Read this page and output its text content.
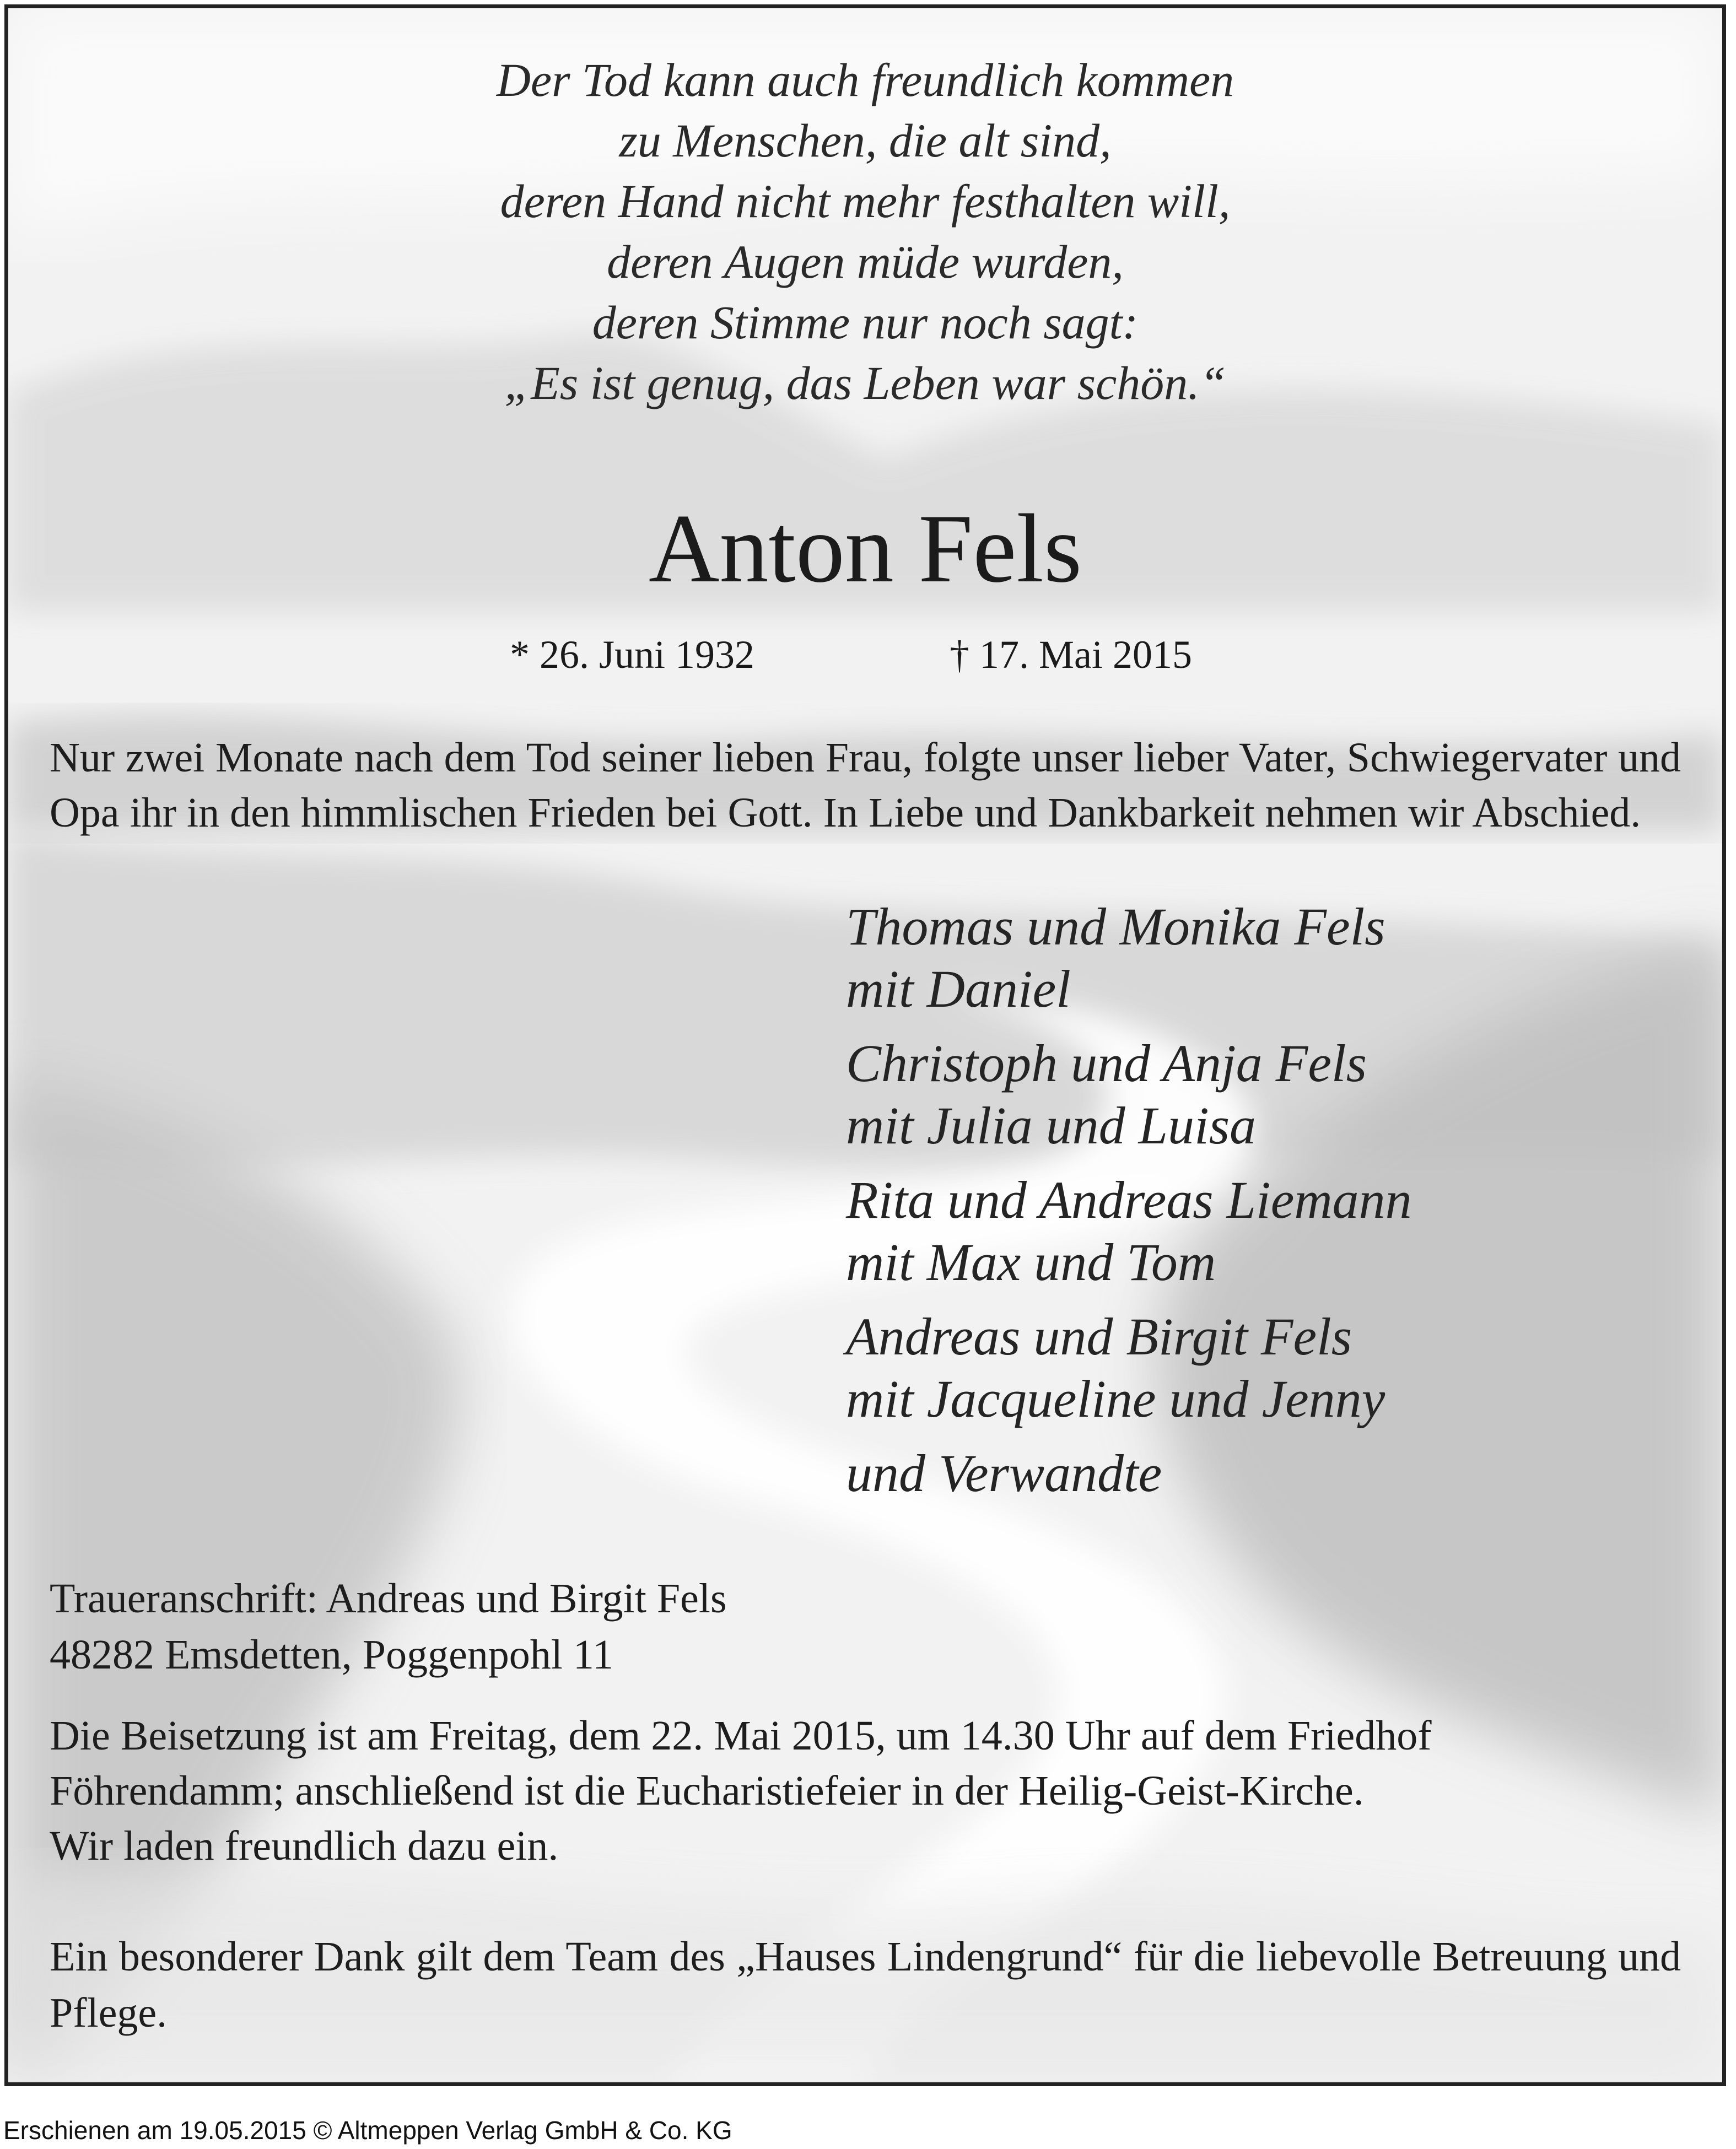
Der Tod kann auch freundlich kommen
zu Menschen, die alt sind,
deren Hand nicht mehr festhalten will,
deren Augen müde wurden,
deren Stimme nur noch sagt:
„Es ist genug, das Leben war schön.“
Anton Fels
* 26. Juni 1932	† 17. Mai 2015
Nur zwei Monate nach dem Tod seiner lieben Frau, folgte unser lieber Vater, Schwiegervater und Opa ihr in den himmlischen Frieden bei Gott. In Liebe und Dankbarkeit nehmen wir Abschied.
Thomas und Monika Fels
mit Daniel
Christoph und Anja Fels
mit Julia und Luisa
Rita und Andreas Liemann
mit Max und Tom
Andreas und Birgit Fels
mit Jacqueline und Jenny
und Verwandte
Traueranschrift: Andreas und Birgit Fels
48282 Emsdetten, Poggenpohl 11
Die Beisetzung ist am Freitag, dem 22. Mai 2015, um 14.30 Uhr auf dem Friedhof
Föhrendamm; anschließend ist die Eucharistiefeier in der Heilig-Geist-Kirche.
Wir laden freundlich dazu ein.
Ein besonderer Dank gilt dem Team des „Hauses Lindengrund“ für die liebevolle Betreuung und Pflege.
Erschienen am 19.05.2015 © Altmeppen Verlag GmbH & Co. KG
